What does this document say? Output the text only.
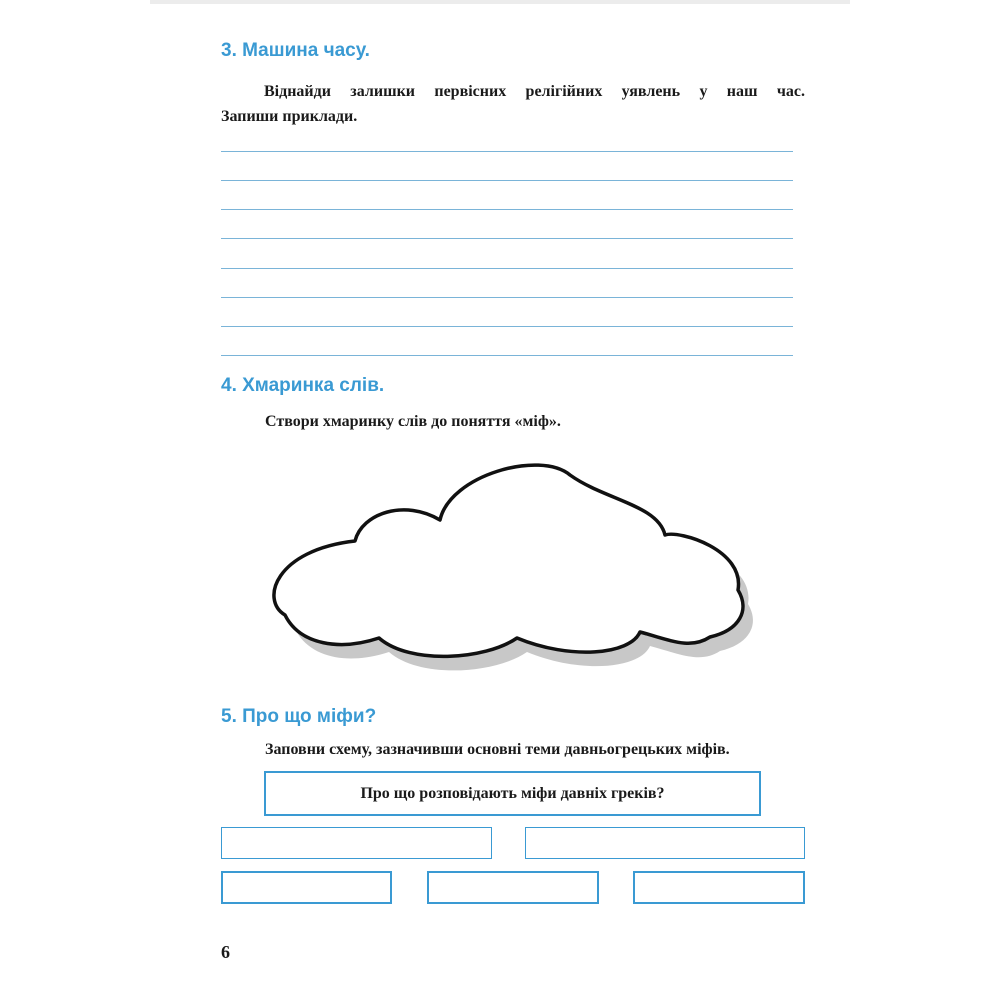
3. Машина часу.
Віднайди залишки первісних релігійних уявлень у наш час.
Запиши приклади.
4. Хмаринка слів.

Створи хмаринку слів до поняття «міф».

5. Про що міфи?

Заповни схему, зазначивши основні теми давньогрецьких міфів.

Про що розповідають міфи давніх греків?
6
